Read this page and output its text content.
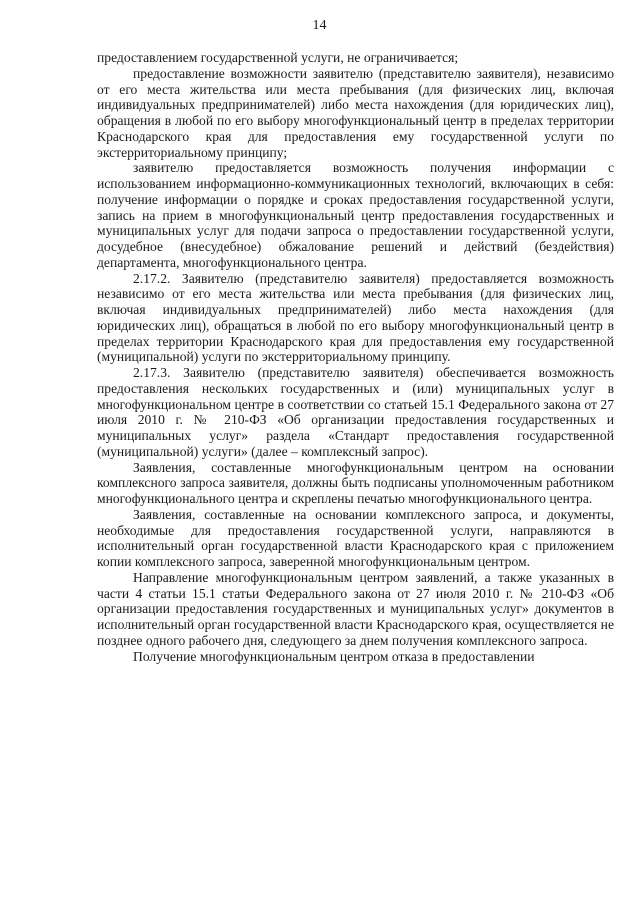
14

предоставлением государственной услуги, не ограничивается;

предоставление возможности заявителю (представителю заявителя), независимо от его места жительства или места пребывания (для физических лиц, включая индивидуальных предпринимателей) либо места нахождения (для юридических лиц), обращения в любой по его выбору многофункциональный центр в пределах территории Краснодарского края для предоставления ему государственной услуги по экстерриториальному принципу;

заявителю предоставляется возможность получения информации с использованием информационно-коммуникационных технологий, включающих в себя: получение информации о порядке и сроках предоставления государственной услуги, запись на прием в многофункциональный центр предоставления государственных и муниципальных услуг для подачи запроса о предоставлении государственной услуги, досудебное (внесудебное) обжалование решений и действий (бездействия) департамента, многофункционального центра.

2.17.2. Заявителю (представителю заявителя) предоставляется возможность независимо от его места жительства или места пребывания (для физических лиц, включая индивидуальных предпринимателей) либо места нахождения (для юридических лиц), обращаться в любой по его выбору многофункциональный центр в пределах территории Краснодарского края для предоставления ему государственной (муниципальной) услуги по экстерриториальному принципу.

2.17.3. Заявителю (представителю заявителя) обеспечивается возможность предоставления нескольких государственных и (или) муниципальных услуг в многофункциональном центре в соответствии со статьей 15.1 Федерального закона от 27 июля 2010 г. № 210-ФЗ «Об организации предоставления государственных и муниципальных услуг» раздела «Стандарт предоставления государственной (муниципальной) услуги» (далее – комплексный запрос).

Заявления, составленные многофункциональным центром на основании комплексного запроса заявителя, должны быть подписаны уполномоченным работником многофункционального центра и скреплены печатью многофункционального центра.

Заявления, составленные на основании комплексного запроса, и документы, необходимые для предоставления государственной услуги, направляются в исполнительный орган государственной власти Краснодарского края с приложением копии комплексного запроса, заверенной многофункциональным центром.

Направление многофункциональным центром заявлений, а также указанных в части 4 статьи 15.1 статьи Федерального закона от 27 июля 2010 г. № 210-ФЗ «Об организации предоставления государственных и муниципальных услуг» документов в исполнительный орган государственной власти Краснодарского края, осуществляется не позднее одного рабочего дня, следующего за днем получения комплексного запроса.

Получение многофункциональным центром отказа в предоставлении
